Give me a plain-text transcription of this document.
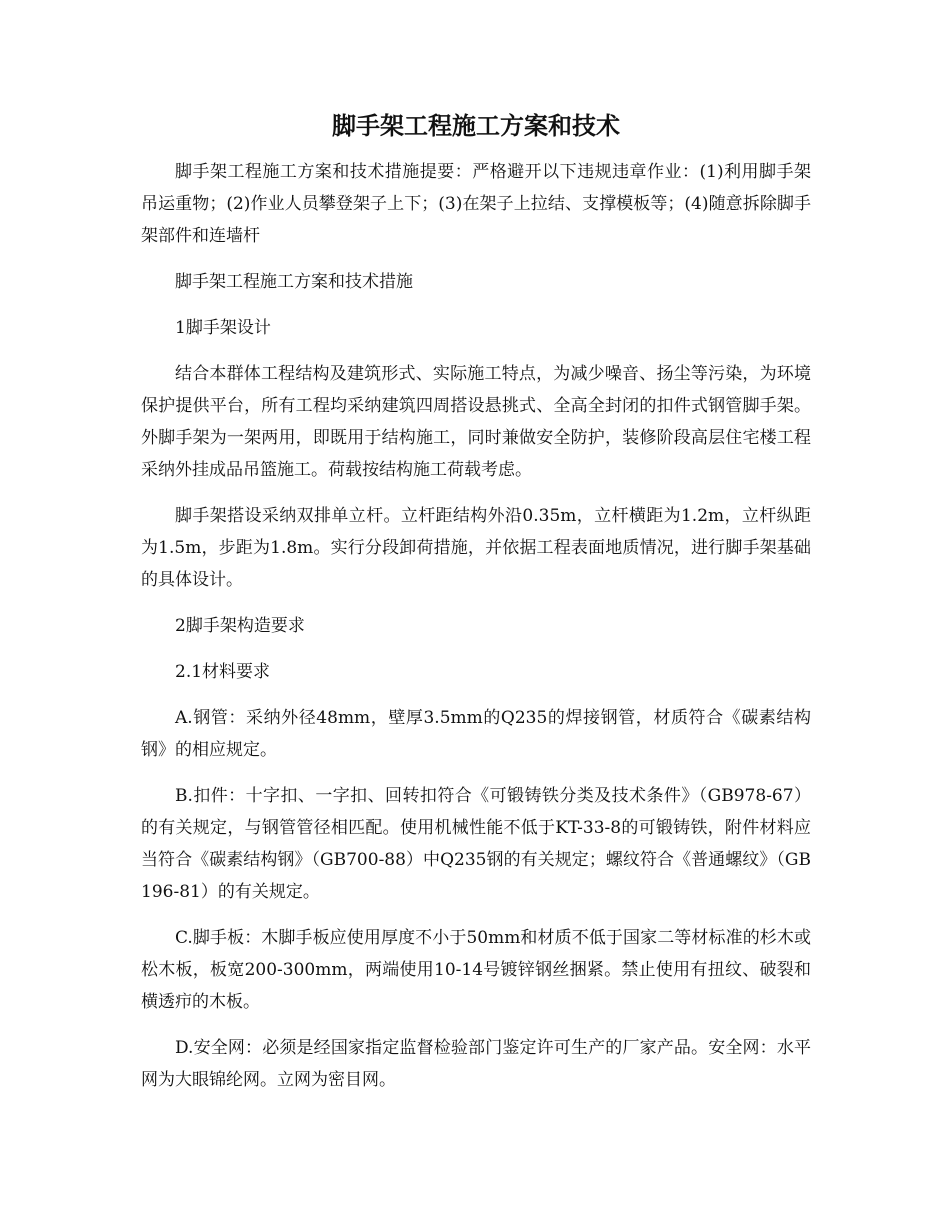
脚手架工程施工方案和技术

脚手架工程施工方案和技术措施提要：严格避开以下违规违章作业：(1)利用脚手架吊运重物；(2)作业人员攀登架子上下；(3)在架子上拉结、支撑模板等；(4)随意拆除脚手架部件和连墙杆

脚手架工程施工方案和技术措施

1脚手架设计

结合本群体工程结构及建筑形式、实际施工特点，为减少噪音、扬尘等污染，为环境保护提供平台，所有工程均采纳建筑四周搭设悬挑式、全高全封闭的扣件式钢管脚手架。外脚手架为一架两用，即既用于结构施工，同时兼做安全防护，装修阶段高层住宅楼工程采纳外挂成品吊篮施工。荷载按结构施工荷载考虑。

脚手架搭设采纳双排单立杆。立杆距结构外沿0.35m，立杆横距为1.2m，立杆纵距为1.5m，步距为1.8m。实行分段卸荷措施，并依据工程表面地质情况，进行脚手架基础的具体设计。

2脚手架构造要求

2.1材料要求

A.钢管：采纳外径48mm，壁厚3.5mm的Q235的焊接钢管，材质符合《碳素结构钢》的相应规定。

B.扣件：十字扣、一字扣、回转扣符合《可锻铸铁分类及技术条件》（GB978-67）的有关规定，与钢管管径相匹配。使用机械性能不低于KT-33-8的可锻铸铁，附件材料应当符合《碳素结构钢》（GB700-88）中Q235钢的有关规定；螺纹符合《普通螺纹》（GB196-81）的有关规定。

C.脚手板：木脚手板应使用厚度不小于50mm和材质不低于国家二等材标准的杉木或松木板，板宽200-300mm，两端使用10-14号镀锌钢丝捆紧。禁止使用有扭纹、破裂和横透疖的木板。

D.安全网：必须是经国家指定监督检验部门鉴定许可生产的厂家产品。安全网：水平网为大眼锦纶网。立网为密目网。
